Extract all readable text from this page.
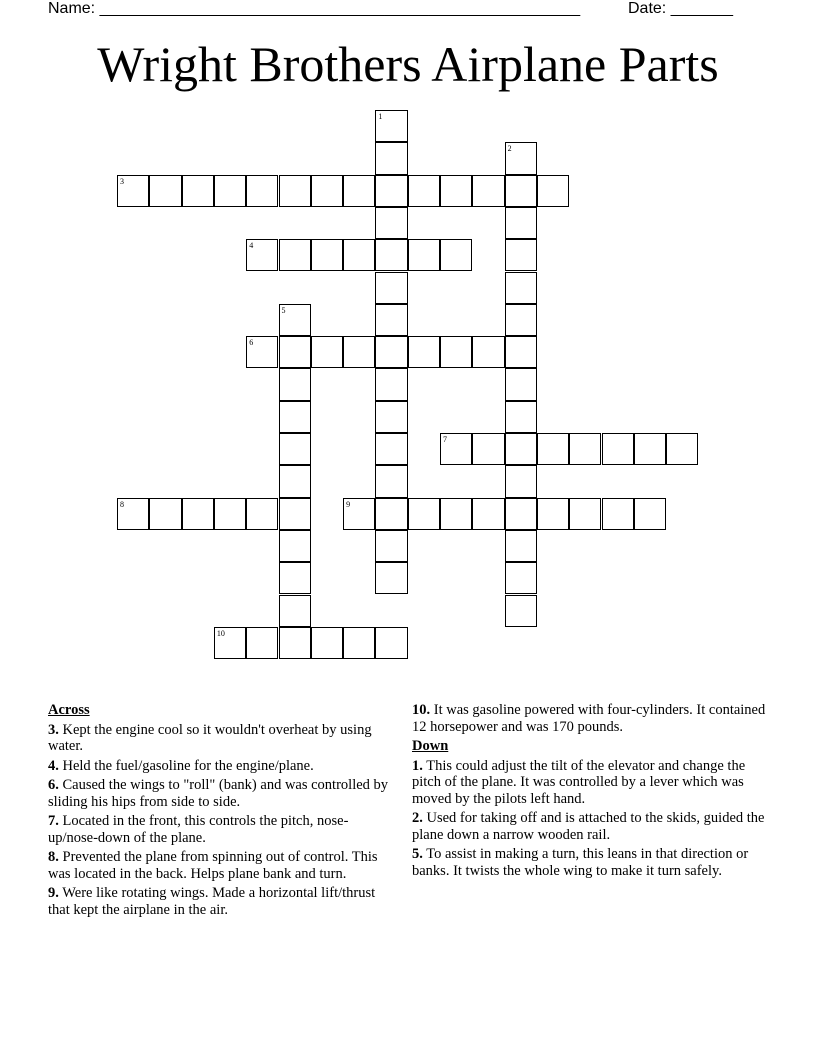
Name: ______________________________________________________	Date: _______
Wright Brothers Airplane Parts
1
2
3
4
5
6
7
8	9
10
Across
3. Kept the engine cool so it wouldn't overheat by using water.
4. Held the fuel/gasoline for the engine/plane.
6. Caused the wings to "roll" (bank) and was controlled by sliding his hips from side to side.
7. Located in the front, this controls the pitch, nose-up/nose-down of the plane.
8. Prevented the plane from spinning out of control. This was located in the back. Helps plane bank and turn.
9. Were like rotating wings. Made a horizontal lift/thrust that kept the airplane in the air.
10. It was gasoline powered with four-cylinders. It contained 12 horsepower and was 170 pounds.
Down
1. This could adjust the tilt of the elevator and change the pitch of the plane. It was controlled by a lever which was moved by the pilots left hand.
2. Used for taking off and is attached to the skids, guided the plane down a narrow wooden rail.
5. To assist in making a turn, this leans in that direction or banks. It twists the whole wing to make it turn safely.
